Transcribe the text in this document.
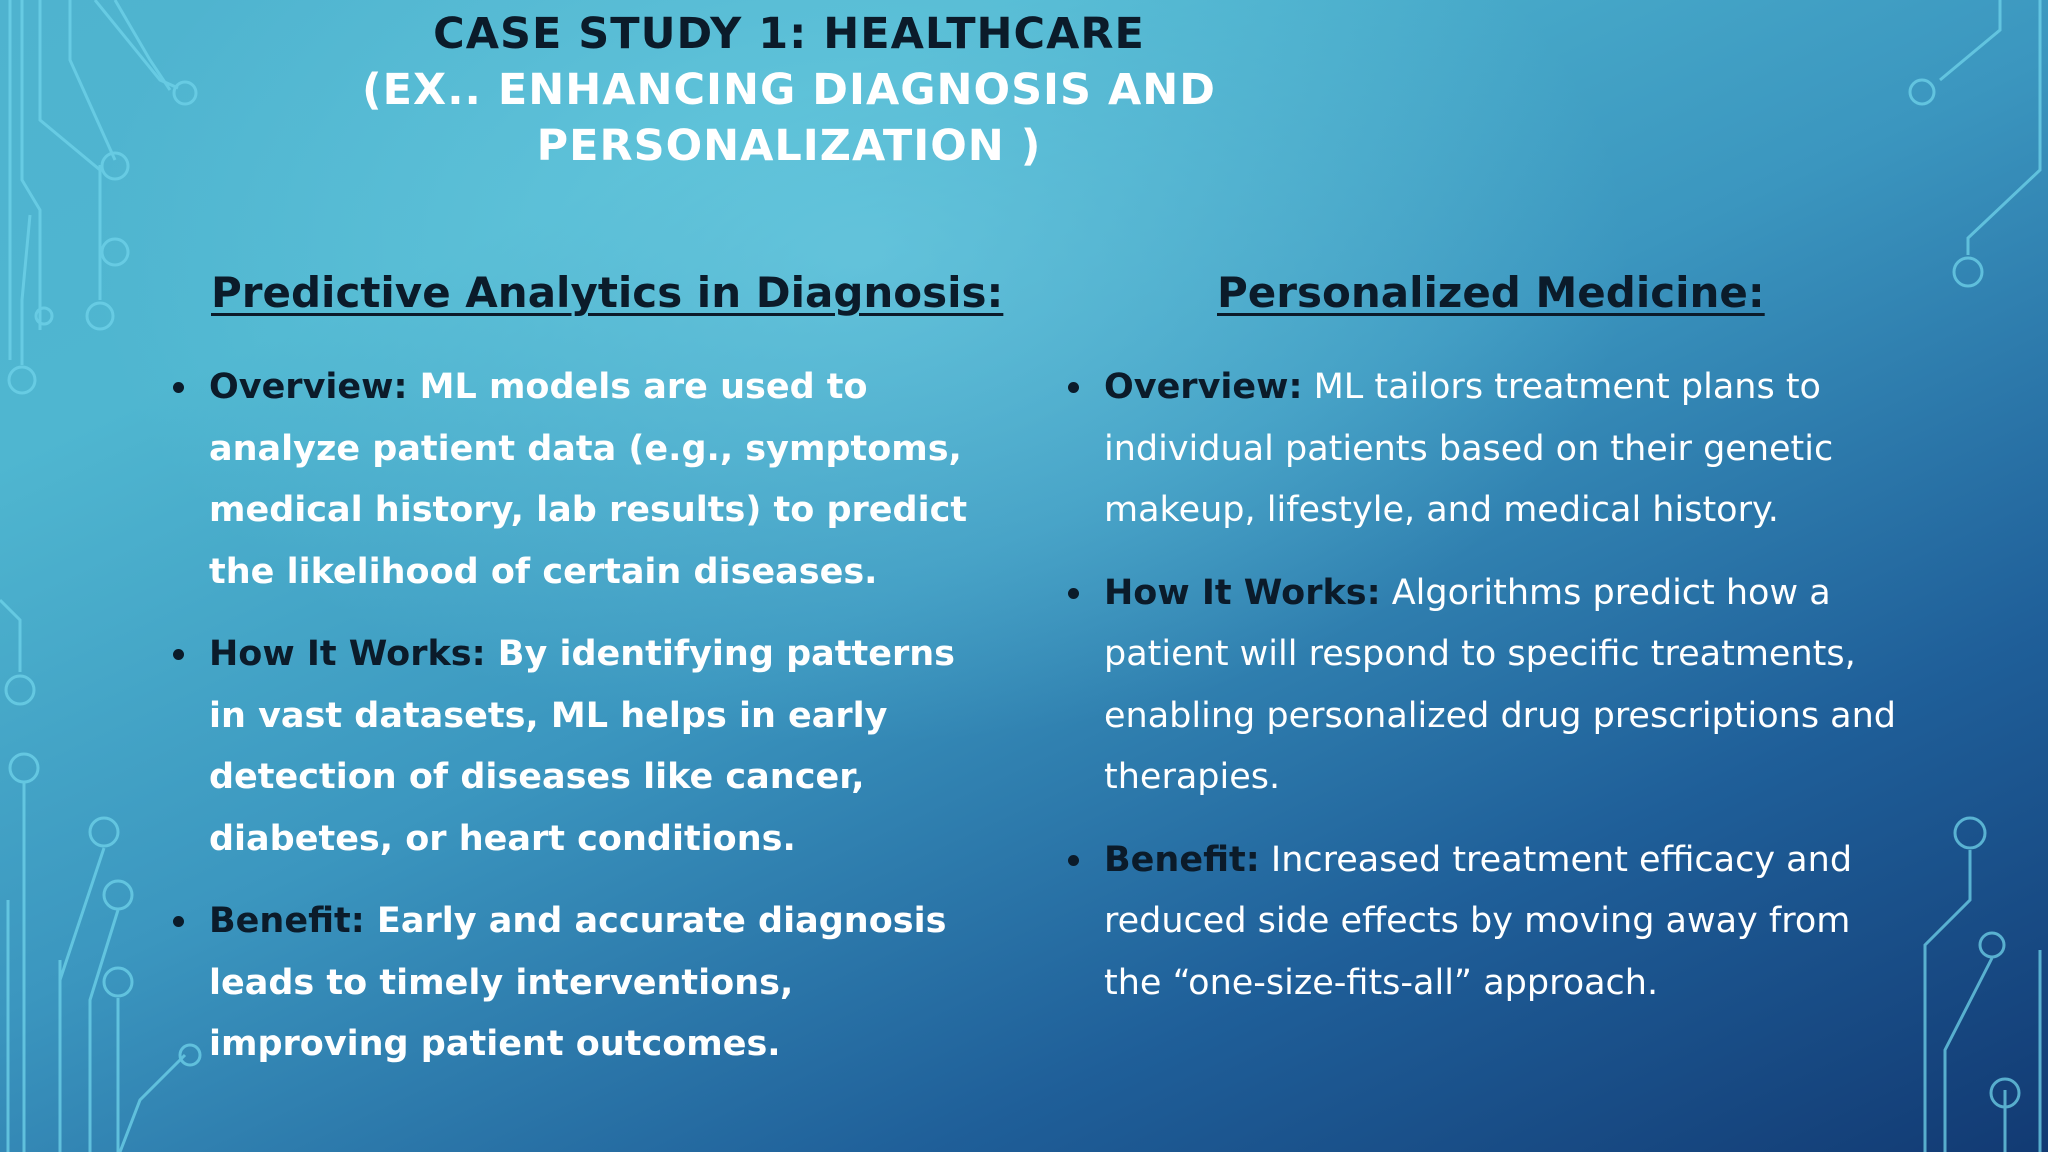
CASE STUDY 1: HEALTHCARE
(EX.. ENHANCING DIAGNOSIS AND
PERSONALIZATION )
Predictive Analytics in Diagnosis:
Overview: ML models are used to analyze patient data (e.g., symptoms, medical history, lab results) to predict the likelihood of certain diseases.
How It Works: By identifying patterns in vast datasets, ML helps in early detection of diseases like cancer, diabetes, or heart conditions.
Benefit: Early and accurate diagnosis leads to timely interventions, improving patient outcomes.
Personalized Medicine:
Overview: ML tailors treatment plans to individual patients based on their genetic makeup, lifestyle, and medical history.
How It Works: Algorithms predict how a patient will respond to specific treatments, enabling personalized drug prescriptions and therapies.
Benefit: Increased treatment efficacy and reduced side effects by moving away from the “one-size-fits-all” approach.
